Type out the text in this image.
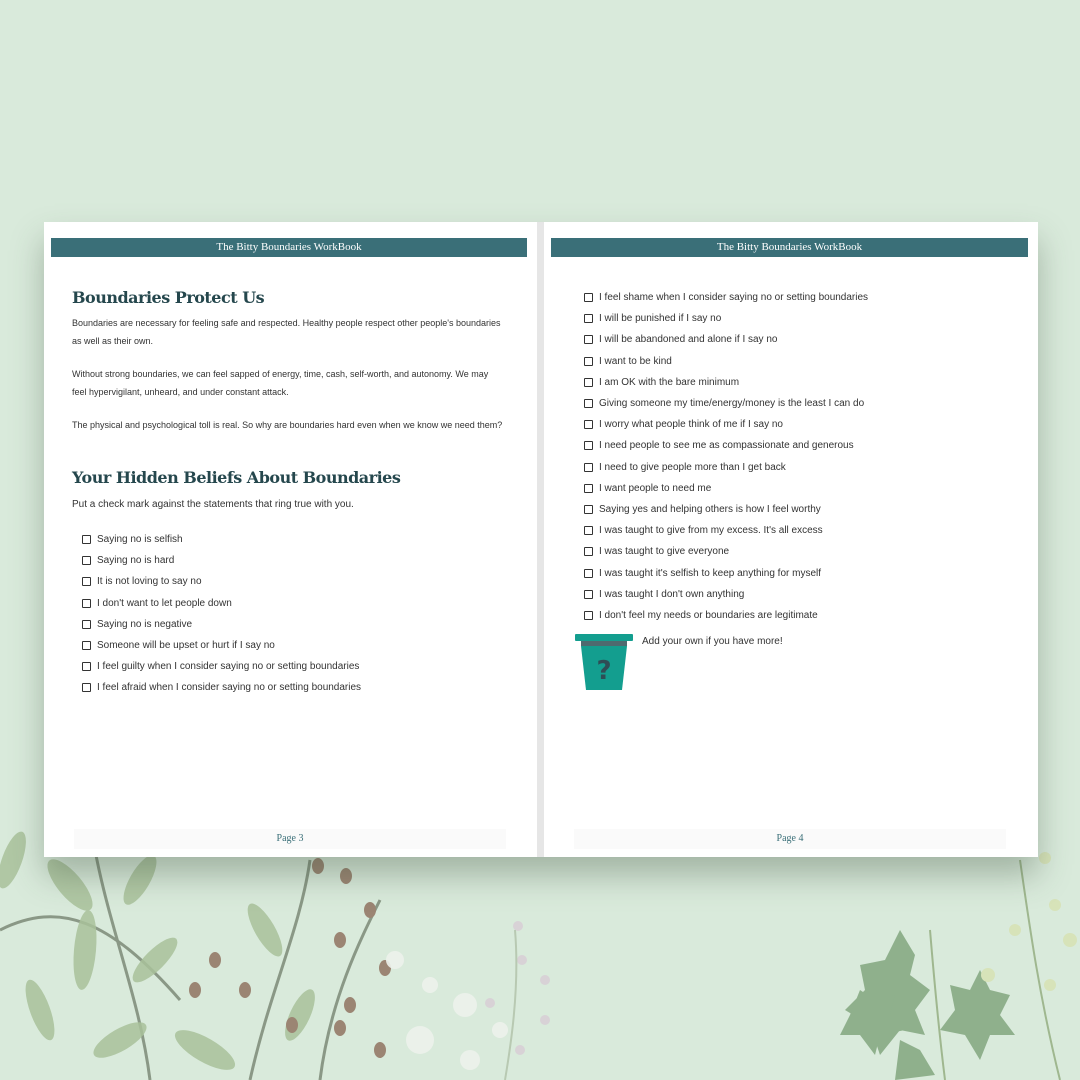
The Bitty Boundaries WorkBook
Boundaries Protect Us
Boundaries are necessary for feeling safe and respected. Healthy people respect other people's boundaries as well as their own.
Without strong boundaries, we can feel sapped of energy, time, cash, self-worth, and autonomy. We may feel hypervigilant, unheard, and under constant attack.
The physical and psychological toll is real. So why are boundaries hard even when we know we need them?
Your Hidden Beliefs About Boundaries
Put a check mark against the statements that ring true with you.
Saying no is selfish
Saying no is hard
It is not loving to say no
I don't want to let people down
Saying no is negative
Someone will be upset or hurt if I say no
I feel guilty when I consider saying no or setting boundaries
I feel afraid when I consider saying no or setting boundaries
Page 3
The Bitty Boundaries WorkBook
I feel shame when I consider saying no or setting boundaries
I will be punished if I say no
I will be abandoned and alone if I say no
I want to be kind
I am OK with the bare minimum
Giving someone my time/energy/money is the least I can do
I worry what people think of me if I say no
I need people to see me as compassionate and generous
I need to give people more than I get back
I want people to need me
Saying yes and helping others is how I feel worthy
I was taught to give from my excess. It's all excess
I was taught to give everyone
I was taught it's selfish to keep anything for myself
I was taught I don't own anything
I don't feel my needs or boundaries are legitimate
?
Add your own if you have more!
Page 4
